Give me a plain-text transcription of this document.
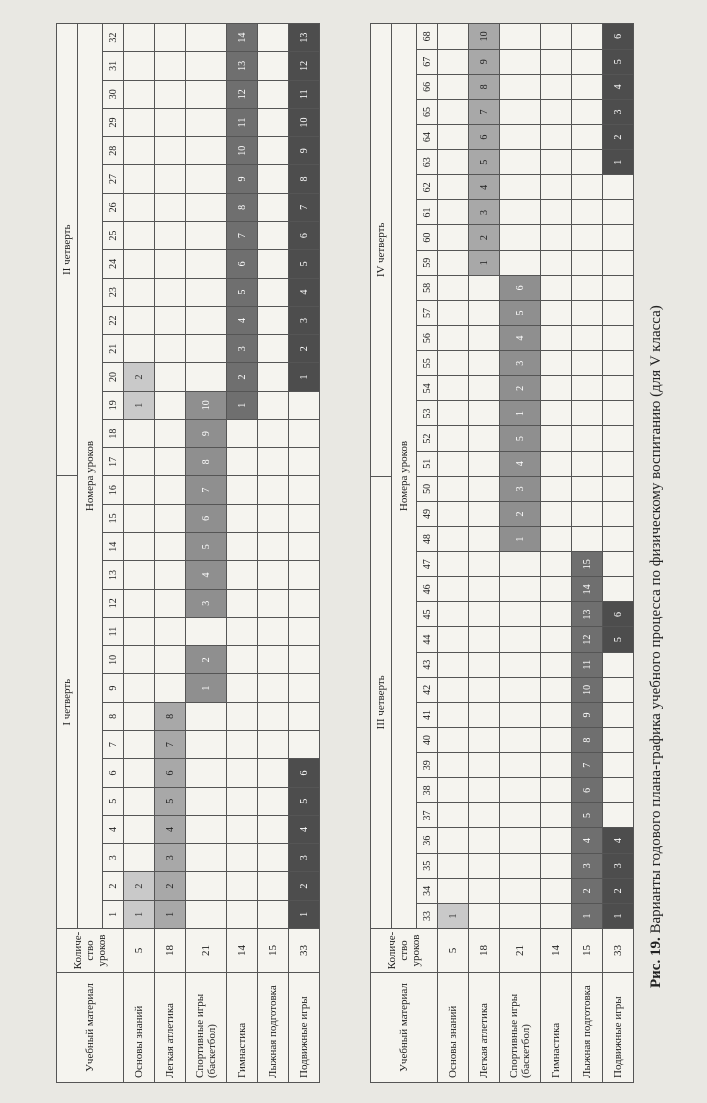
Учебный материал	Количе-ство уроков	I четверть																II четверть															
		Номера уроков																															
		1	2	3	4	5	6	7	8	9	10	11	12	13	14	15	16	17	18	19	20	21	22	23	24	25	26	27	28	29	30	31	32
Основы знаний	5	1	2																	1	2												
Легкая атлетика	18	1	2	3	4	5	6	7	8																								
Спортивные игры (баскетбол)	21									1	2		3	4	5	6	7	8	9	10													
Гимнастика	14																			1	2	3	4	5	6	7	8	9	10	11	12	13	14
Лыжная подготовка	15																																
Подвижные игры	33	1	2	3	4	5	6														1	2	3	4	5	6	7	8	9	10	11	12	13
Учебный материал	Количе-ство уроков	III четверть																		IV четверть																	
		Номера уроков																																			
		33	34	35	36	37	38	39	40	41	42	43	44	45	46	47	48	49	50	51	52	53	54	55	56	57	58	59	60	61	62	63	64	65	66	67	68
Основы знаний	5	1																																			
Легкая атлетика	18																											1	2	3	4	5	6	7	8	9	10
Спортивные игры (баскетбол)	21																1	2	3	4	5	1	2	3	4	5	6										
Гимнастика	14																																				
Лыжная подготовка	15	1	2	3	4	5	6	7	8	9	10	11	12	13	14	15																					
Подвижные игры	33	1	2	3	4								5	6																		1	2	3	4	5	6
Рис. 19. Варианты годового плана-графика учебного процесса по физическому воспитанию (для V класса)
